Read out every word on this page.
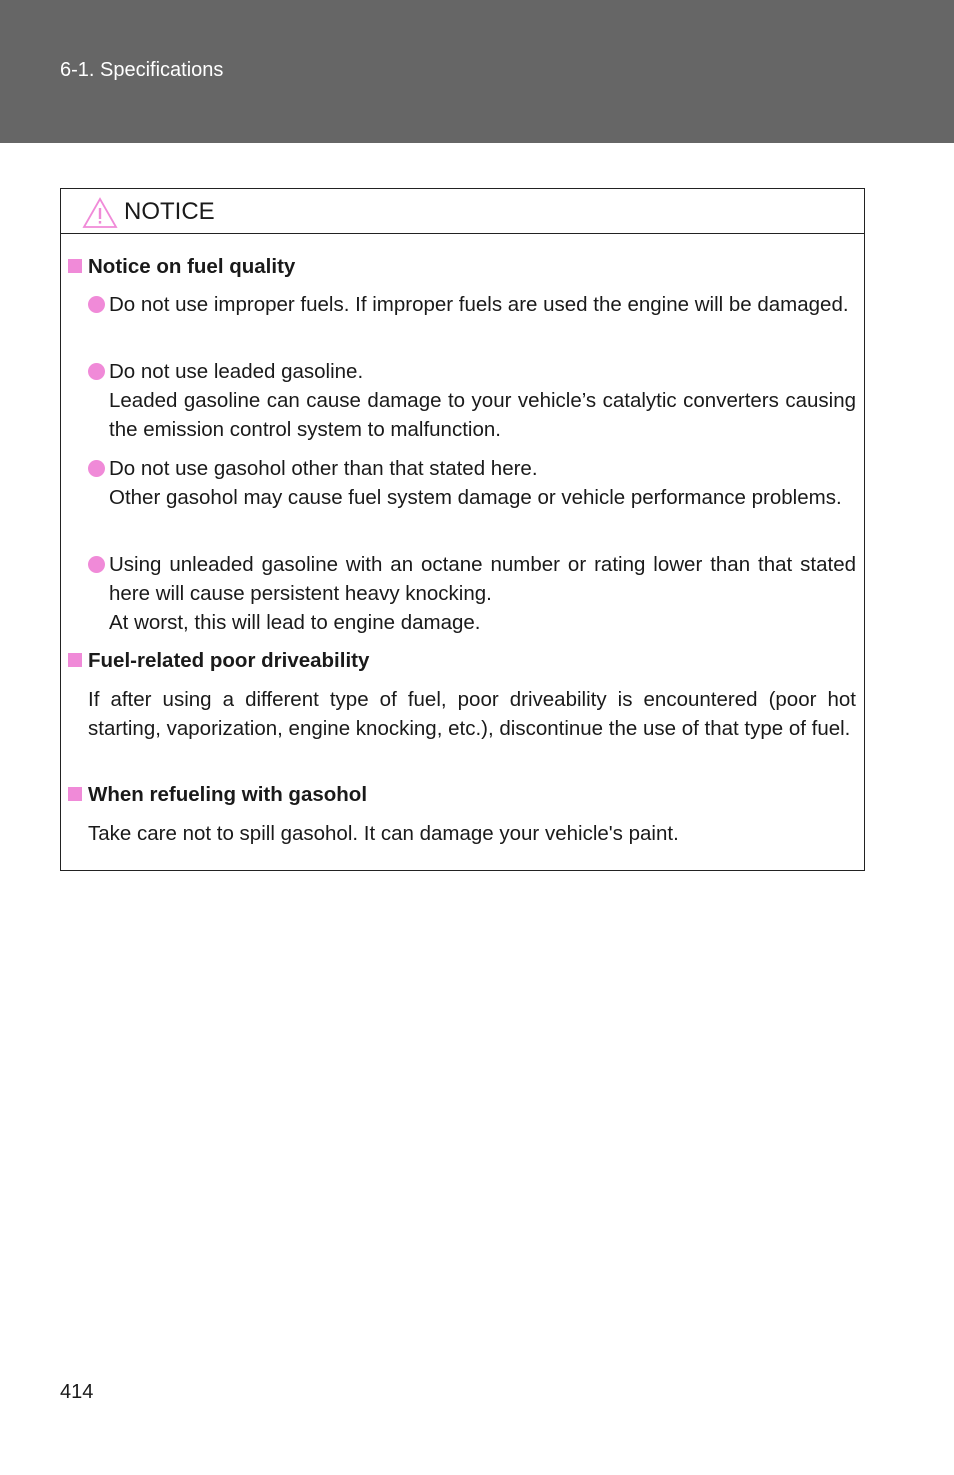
6-1. Specifications
NOTICE
Notice on fuel quality
Do not use improper fuels. If improper fuels are used the engine will be damaged.
Do not use leaded gasoline.
Leaded gasoline can cause damage to your vehicle’s catalytic converters causing the emission control system to malfunction.
Do not use gasohol other than that stated here.
Other gasohol may cause fuel system damage or vehicle performance problems.
Using unleaded gasoline with an octane number or rating lower than that stated here will cause persistent heavy knocking.
At worst, this will lead to engine damage.
Fuel-related poor driveability
If after using a different type of fuel, poor driveability is encountered (poor hot starting, vaporization, engine knocking, etc.), discontinue the use of that type of fuel.
When refueling with gasohol
Take care not to spill gasohol. It can damage your vehicle's paint.
414
